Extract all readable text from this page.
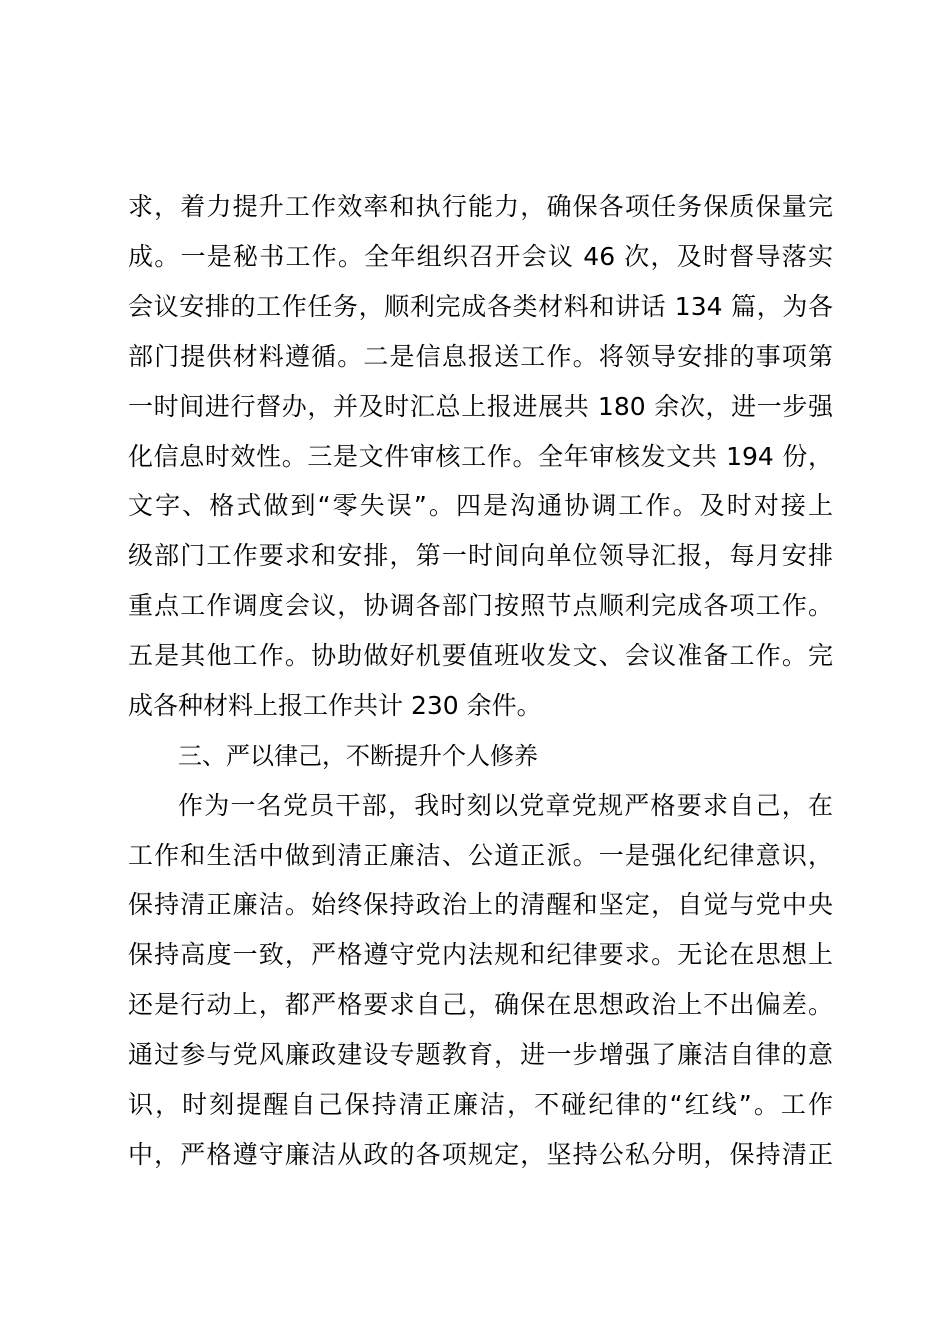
求，着力提升工作效率和执行能力，确保各项任务保质保量完
成。一是秘书工作。全年组织召开会议 46 次，及时督导落实
会议安排的工作任务，顺利完成各类材料和讲话 134 篇，为各
部门提供材料遵循。二是信息报送工作。将领导安排的事项第
一时间进行督办，并及时汇总上报进展共 180 余次，进一步强
化信息时效性。三是文件审核工作。全年审核发文共 194 份，
文字、格式做到“零失误”。四是沟通协调工作。及时对接上
级部门工作要求和安排，第一时间向单位领导汇报，每月安排
重点工作调度会议，协调各部门按照节点顺利完成各项工作。
五是其他工作。协助做好机要值班收发文、会议准备工作。完
成各种材料上报工作共计 230 余件。
三、严以律己，不断提升个人修养
作为一名党员干部，我时刻以党章党规严格要求自己，在
工作和生活中做到清正廉洁、公道正派。一是强化纪律意识，
保持清正廉洁。始终保持政治上的清醒和坚定，自觉与党中央
保持高度一致，严格遵守党内法规和纪律要求。无论在思想上
还是行动上，都严格要求自己，确保在思想政治上不出偏差。
通过参与党风廉政建设专题教育，进一步增强了廉洁自律的意
识，时刻提醒自己保持清正廉洁，不碰纪律的“红线”。工作
中，严格遵守廉洁从政的各项规定，坚持公私分明，保持清正
